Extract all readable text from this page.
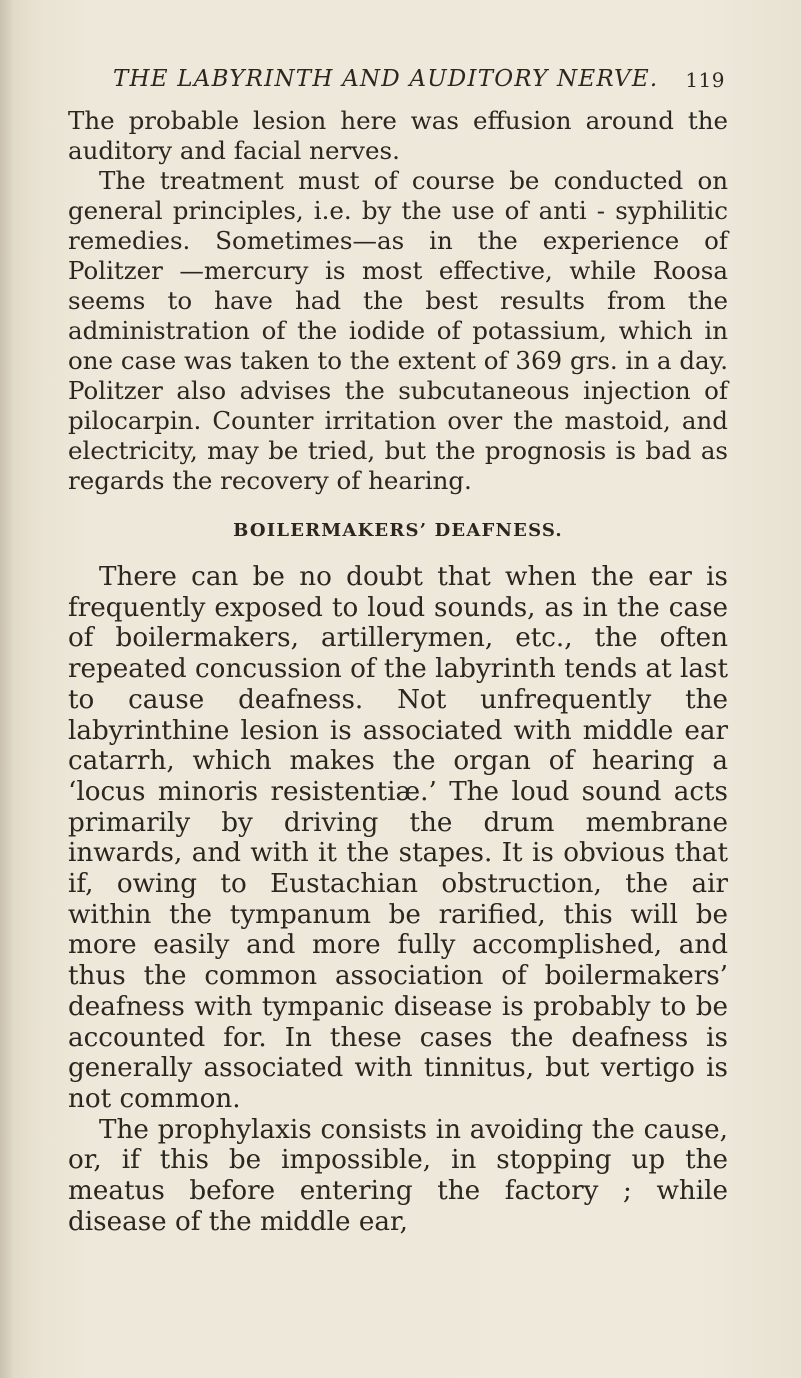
THE LABYRINTH AND AUDITORY NERVE. 119

The probable lesion here was effusion around the auditory and facial nerves.

The treatment must of course be conducted on general principles, i.e. by the use of anti - syphilitic remedies. Sometimes—as in the experience of Politzer —mercury is most effective, while Roosa seems to have had the best results from the administration of the iodide of potassium, which in one case was taken to the extent of 369 grs. in a day. Politzer also advises the subcutaneous injection of pilocarpin. Counter irritation over the mastoid, and electricity, may be tried, but the prognosis is bad as regards the recovery of hearing.

BOILERMAKERS’ DEAFNESS.

There can be no doubt that when the ear is frequently exposed to loud sounds, as in the case of boilermakers, artillerymen, etc., the often repeated concussion of the labyrinth tends at last to cause deafness. Not unfrequently the labyrinthine lesion is associated with middle ear catarrh, which makes the organ of hearing a ‘locus minoris resistentiæ.’ The loud sound acts primarily by driving the drum membrane inwards, and with it the stapes. It is obvious that if, owing to Eustachian obstruction, the air within the tympanum be rarified, this will be more easily and more fully accomplished, and thus the common association of boilermakers’ deafness with tympanic disease is probably to be accounted for. In these cases the deafness is generally associated with tinnitus, but vertigo is not common.

The prophylaxis consists in avoiding the cause, or, if this be impossible, in stopping up the meatus before entering the factory ; while disease of the middle ear,
